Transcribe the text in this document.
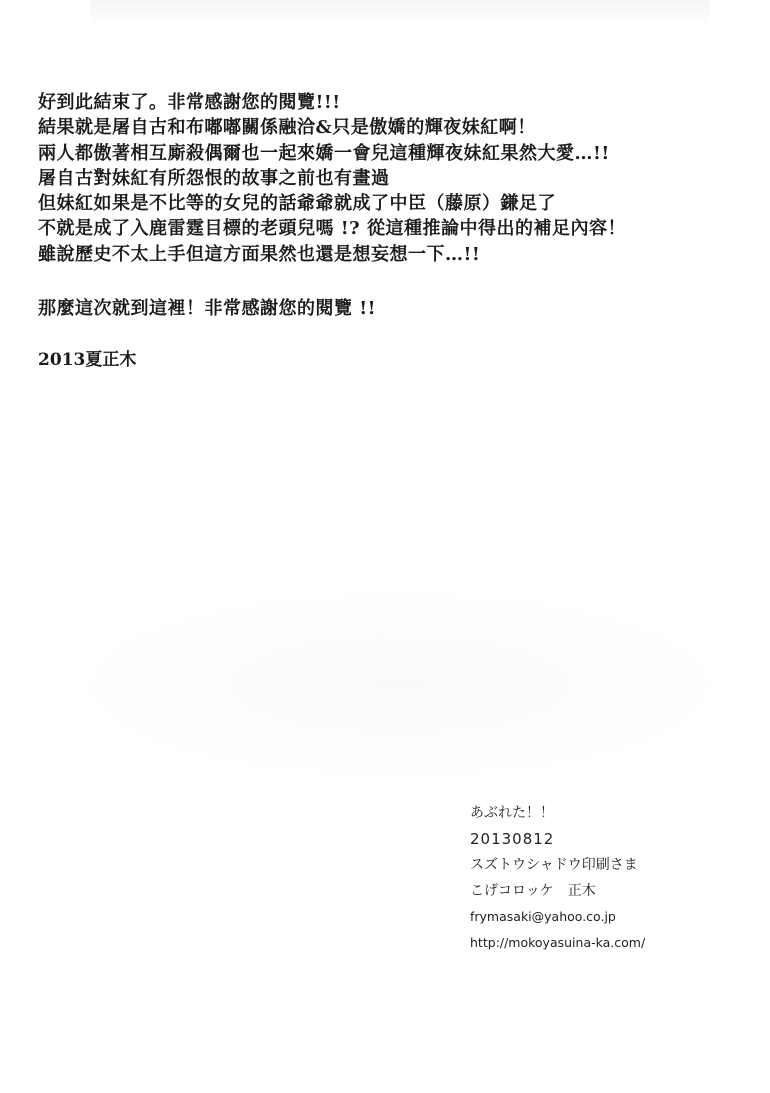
好到此結束了。非常感謝您的閱覽!!!
結果就是屠自古和布嘟嘟關係融洽&只是傲嬌的輝夜妹紅啊！
兩人都傲著相互廝殺偶爾也一起來嬌一會兒這種輝夜妹紅果然大愛…!!
屠自古對妹紅有所怨恨的故事之前也有畫過
但妹紅如果是不比等的女兒的話爺爺就成了中臣（藤原）鎌足了
不就是成了入鹿雷霆目標的老頭兒嗎 !? 從這種推論中得出的補足內容！
雖說歷史不太上手但這方面果然也還是想妄想一下…!!
那麼這次就到這裡！非常感謝您的閱覽 !!
2013夏正木
あぶれた！！
20130812
スズトウシャドウ印刷さま
こげコロッケ　正木
frymasaki@yahoo.co.jp
http://mokoyasuina-ka.com/
